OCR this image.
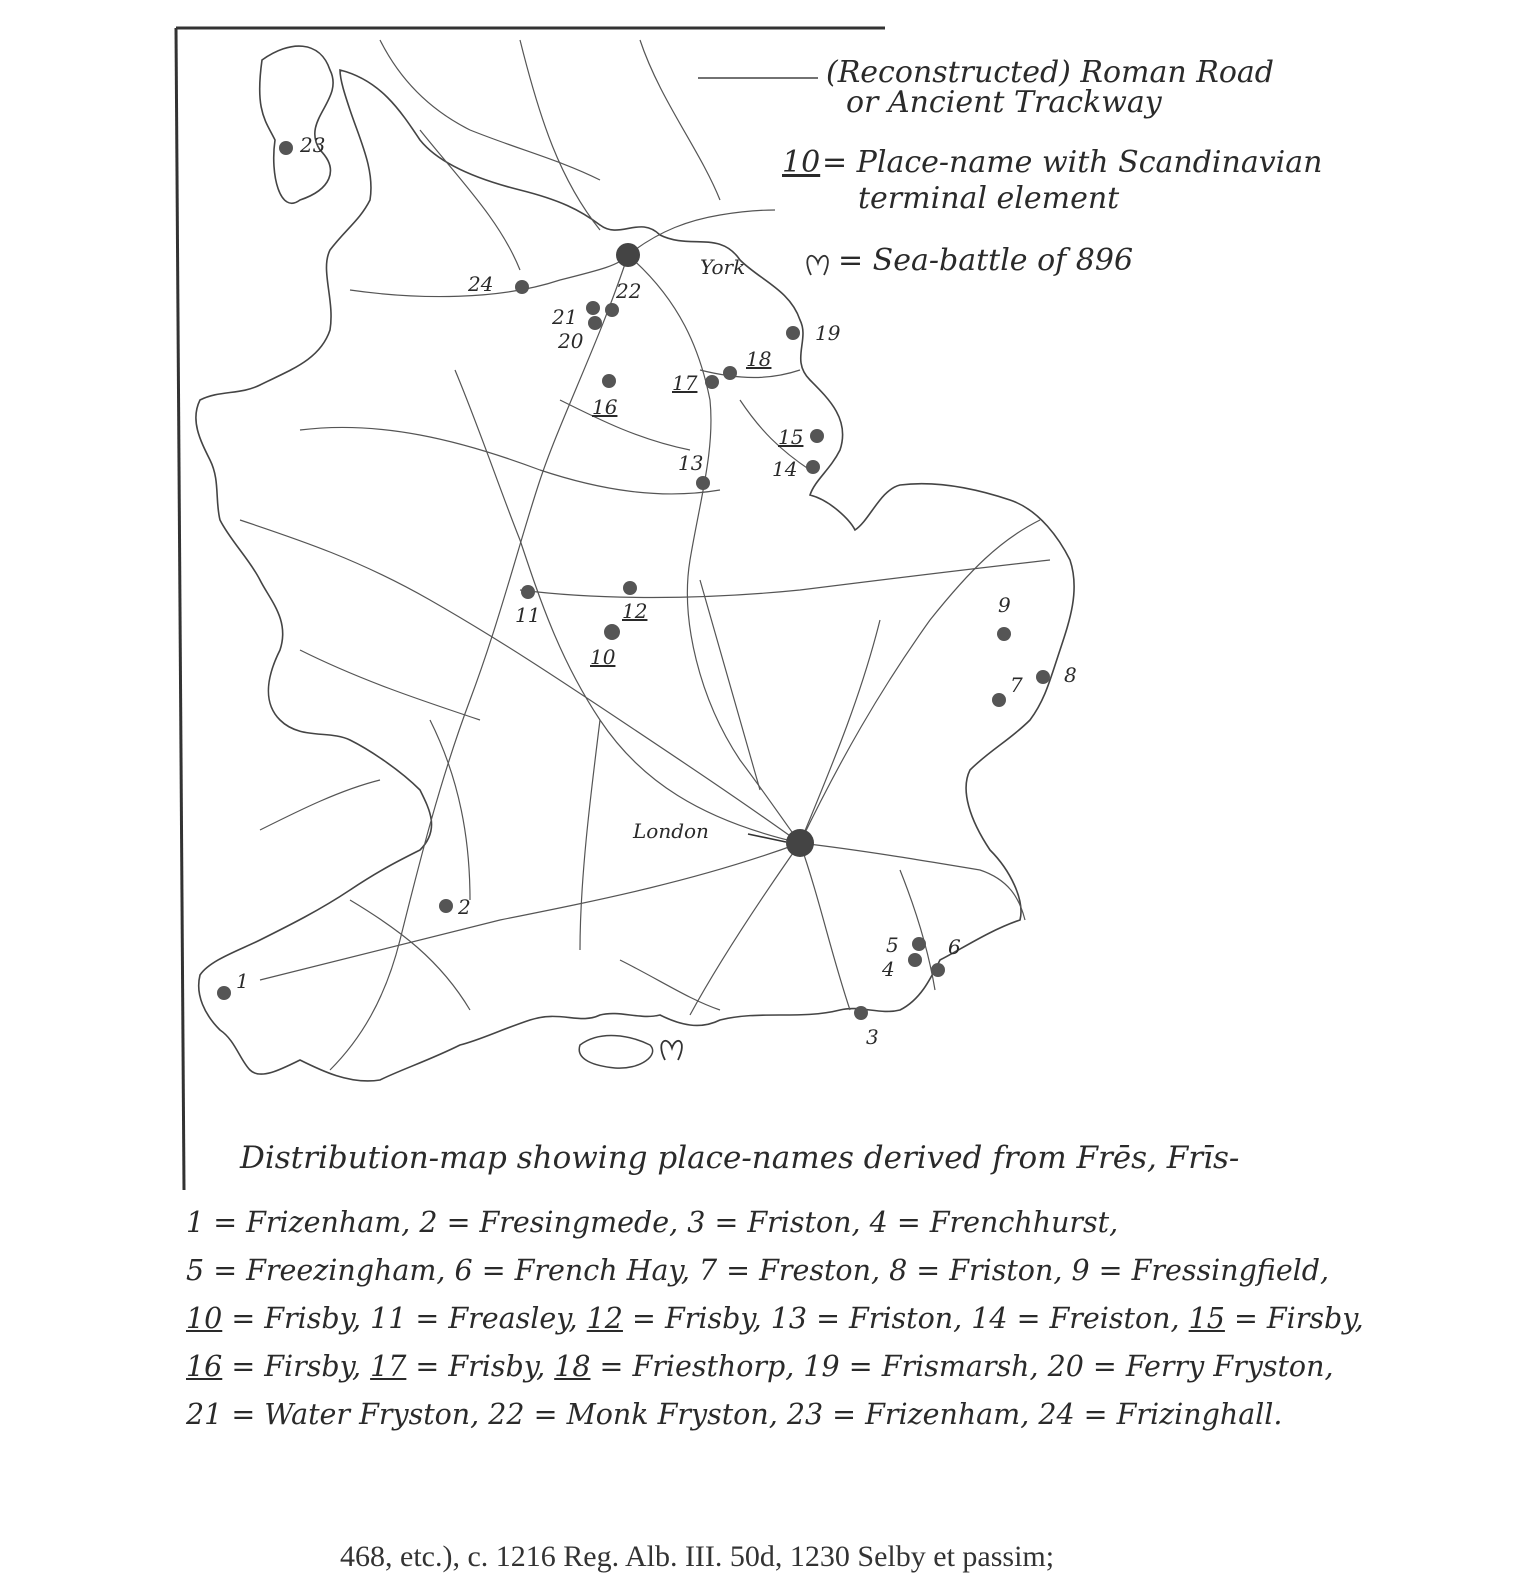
(Reconstructed) Roman Road
or Ancient Trackway
10 = Place-name with Scandinavian
terminal element
= Sea-battle of 896
York
London
1
2
3
4
5 6
7 8
9
10
11	12
13	14
15
16
17
18
19
20
21
22
23
24
Distribution-map showing place-names derived from Frēs, Frīs-
1 = Frizenham, 2 = Fresingmede, 3 = Friston, 4 = Frenchhurst,
5 = Freezingham, 6 = French Hay, 7 = Freston, 8 = Friston, 9 = Fressingfield,
10 = Frisby, 11 = Freasley, 12 = Frisby, 13 = Friston, 14 = Freiston, 15 = Firsby,
16 = Firsby, 17 = Frisby, 18 = Friesthorp, 19 = Frismarsh, 20 = Ferry Fryston,
21 = Water Fryston, 22 = Monk Fryston, 23 = Frizenham, 24 = Frizinghall.
468, etc.), c. 1216 Reg. Alb. III. 50d, 1230 Selby et passim;
